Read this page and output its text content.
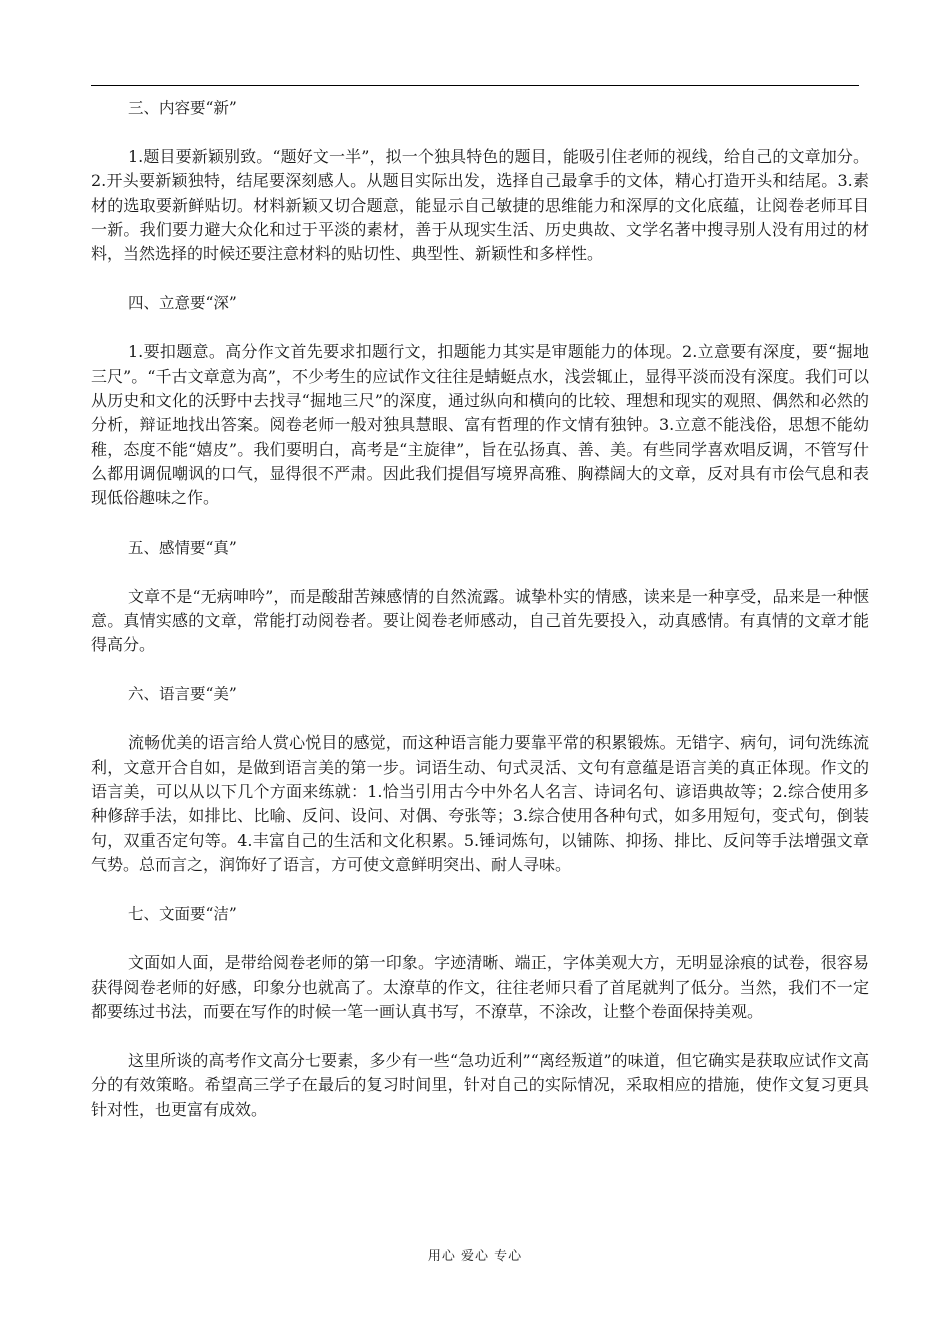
三、内容要“新”

1.题目要新颖别致。“题好文一半”，拟一个独具特色的题目，能吸引住老师的视线，给自己的文章加分。2.开头要新颖独特，结尾要深刻感人。从题目实际出发，选择自己最拿手的文体，精心打造开头和结尾。3.素材的选取要新鲜贴切。材料新颖又切合题意，能显示自己敏捷的思维能力和深厚的文化底蕴，让阅卷老师耳目一新。我们要力避大众化和过于平淡的素材，善于从现实生活、历史典故、文学名著中搜寻别人没有用过的材料，当然选择的时候还要注意材料的贴切性、典型性、新颖性和多样性。

四、立意要“深”

1.要扣题意。高分作文首先要求扣题行文，扣题能力其实是审题能力的体现。2.立意要有深度，要“掘地三尺”。“千古文章意为高”，不少考生的应试作文往往是蜻蜓点水，浅尝辄止，显得平淡而没有深度。我们可以从历史和文化的沃野中去找寻“掘地三尺”的深度，通过纵向和横向的比较、理想和现实的观照、偶然和必然的分析，辩证地找出答案。阅卷老师一般对独具慧眼、富有哲理的作文情有独钟。3.立意不能浅俗，思想不能幼稚，态度不能“嬉皮”。我们要明白，高考是“主旋律”，旨在弘扬真、善、美。有些同学喜欢唱反调，不管写什么都用调侃嘲讽的口气，显得很不严肃。因此我们提倡写境界高雅、胸襟阔大的文章，反对具有市侩气息和表现低俗趣味之作。

五、感情要“真”

文章不是“无病呻吟”，而是酸甜苦辣感情的自然流露。诚挚朴实的情感，读来是一种享受，品来是一种惬意。真情实感的文章，常能打动阅卷者。要让阅卷老师感动，自己首先要投入，动真感情。有真情的文章才能得高分。

六、语言要“美”

流畅优美的语言给人赏心悦目的感觉，而这种语言能力要靠平常的积累锻炼。无错字、病句，词句洗练流利，文意开合自如，是做到语言美的第一步。词语生动、句式灵活、文句有意蕴是语言美的真正体现。作文的语言美，可以从以下几个方面来练就：1.恰当引用古今中外名人名言、诗词名句、谚语典故等；2.综合使用多种修辞手法，如排比、比喻、反问、设问、对偶、夸张等；3.综合使用各种句式，如多用短句，变式句，倒装句，双重否定句等。4.丰富自己的生活和文化积累。5.锤词炼句，以铺陈、抑扬、排比、反问等手法增强文章气势。总而言之，润饰好了语言，方可使文意鲜明突出、耐人寻味。

七、文面要“洁”

文面如人面，是带给阅卷老师的第一印象。字迹清晰、端正，字体美观大方，无明显涂痕的试卷，很容易获得阅卷老师的好感，印象分也就高了。太潦草的作文，往往老师只看了首尾就判了低分。当然，我们不一定都要练过书法，而要在写作的时候一笔一画认真书写，不潦草，不涂改，让整个卷面保持美观。

这里所谈的高考作文高分七要素，多少有一些“急功近利”“离经叛道”的味道，但它确实是获取应试作文高分的有效策略。希望高三学子在最后的复习时间里，针对自己的实际情况，采取相应的措施，使作文复习更具针对性，也更富有成效。

用心 爱心 专心
